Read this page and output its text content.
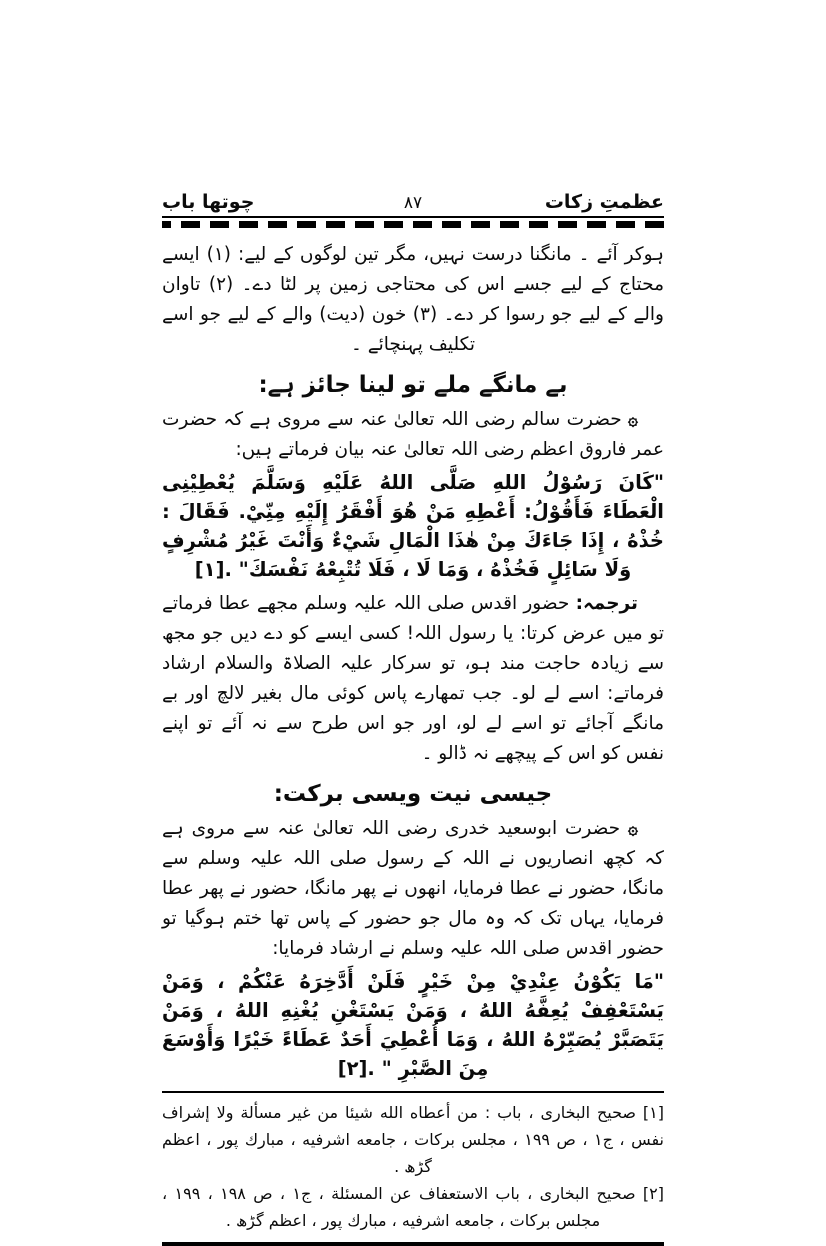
عظمتِ زکات
۸۷
چوتھا باب

ہوکر آئے ۔ مانگنا درست نہیں، مگر تین لوگوں کے لیے: (۱) ایسے محتاج کے لیے جسے اس کی محتاجی زمین پر لٹا دے۔ (۲) تاوان والے کے لیے جو رسوا کر دے۔ (۳) خون (دیت) والے کے لیے جو اسے تکلیف پہنچائے ۔

بے مانگے ملے تو لینا جائز ہے:

۞ حضرت سالم رضی اللہ تعالیٰ عنہ سے مروی ہے کہ حضرت عمر فاروق اعظم رضی اللہ تعالیٰ عنہ بیان فرماتے ہیں:

"كَانَ رَسُوْلُ اللهِ صَلَّى اللهُ عَلَيْهِ وَسَلَّمَ يُعْطِيْنِى الْعَطَاءَ فَأَقُوْلُ: أَعْطِهِ مَنْ هُوَ أَفْقَرُ إِلَيْهِ مِنِّيْ. فَقَالَ : خُذْهُ ، إِذَا جَاءَكَ مِنْ هٰذَا الْمَالِ شَيْءٌ وَأَنْتَ غَيْرُ مُشْرِفٍ وَلَا سَائِلٍ فَخُذْهُ ، وَمَا لَا ، فَلَا تُتْبِعْهُ نَفْسَكَ" .[۱]

ترجمہ: حضور اقدس صلی اللہ علیہ وسلم مجھے عطا فرماتے تو میں عرض کرتا: یا رسول اللہ! کسی ایسے کو دے دیں جو مجھ سے زیادہ حاجت مند ہو، تو سرکار علیہ الصلاۃ والسلام ارشاد فرماتے: اسے لے لو۔ جب تمھارے پاس کوئی مال بغیر لالچ اور بے مانگے آجائے تو اسے لے لو، اور جو اس طرح سے نہ آئے تو اپنے نفس کو اس کے پیچھے نہ ڈالو ۔

جیسی نیت ویسی برکت:

۞ حضرت ابوسعید خدری رضی اللہ تعالیٰ عنہ سے مروی ہے کہ کچھ انصاریوں نے اللہ کے رسول صلی اللہ علیہ وسلم سے مانگا، حضور نے عطا فرمایا، انھوں نے پھر مانگا، حضور نے پھر عطا فرمایا، یہاں تک کہ وہ مال جو حضور کے پاس تھا ختم ہوگیا تو حضور اقدس صلی اللہ علیہ وسلم نے ارشاد فرمایا:

"مَا يَكُوْنُ عِنْدِيْ مِنْ خَيْرٍ فَلَنْ أَدَّخِرَهُ عَنْكُمْ ، وَمَنْ يَسْتَعْفِفْ يُعِفَّهُ اللهُ ، وَمَنْ يَسْتَغْنِ يُغْنِهِ اللهُ ، وَمَنْ يَتَصَبَّرْ يُصَبِّرْهُ اللهُ ، وَمَا أُعْطِيَ أَحَدٌ عَطَاءً خَيْرًا وَأَوْسَعَ مِنَ الصَّبْرِ " .[۲]

[۱] صحيح البخارى ، باب : من أعطاه الله شيئا من غير مسألة ولا إشراف نفس ، ج۱ ، ص ۱۹۹ ، مجلس بركات ، جامعه اشرفيه ، مبارك پور ، اعظم گڑھ .

[۲] صحيح البخارى ، باب الاستعفاف عن المسئلة ، ج۱ ، ص ۱۹۸ ، ۱۹۹ ، مجلس بركات ، جامعه اشرفيه ، مبارك پور ، اعظم گڑھ .
